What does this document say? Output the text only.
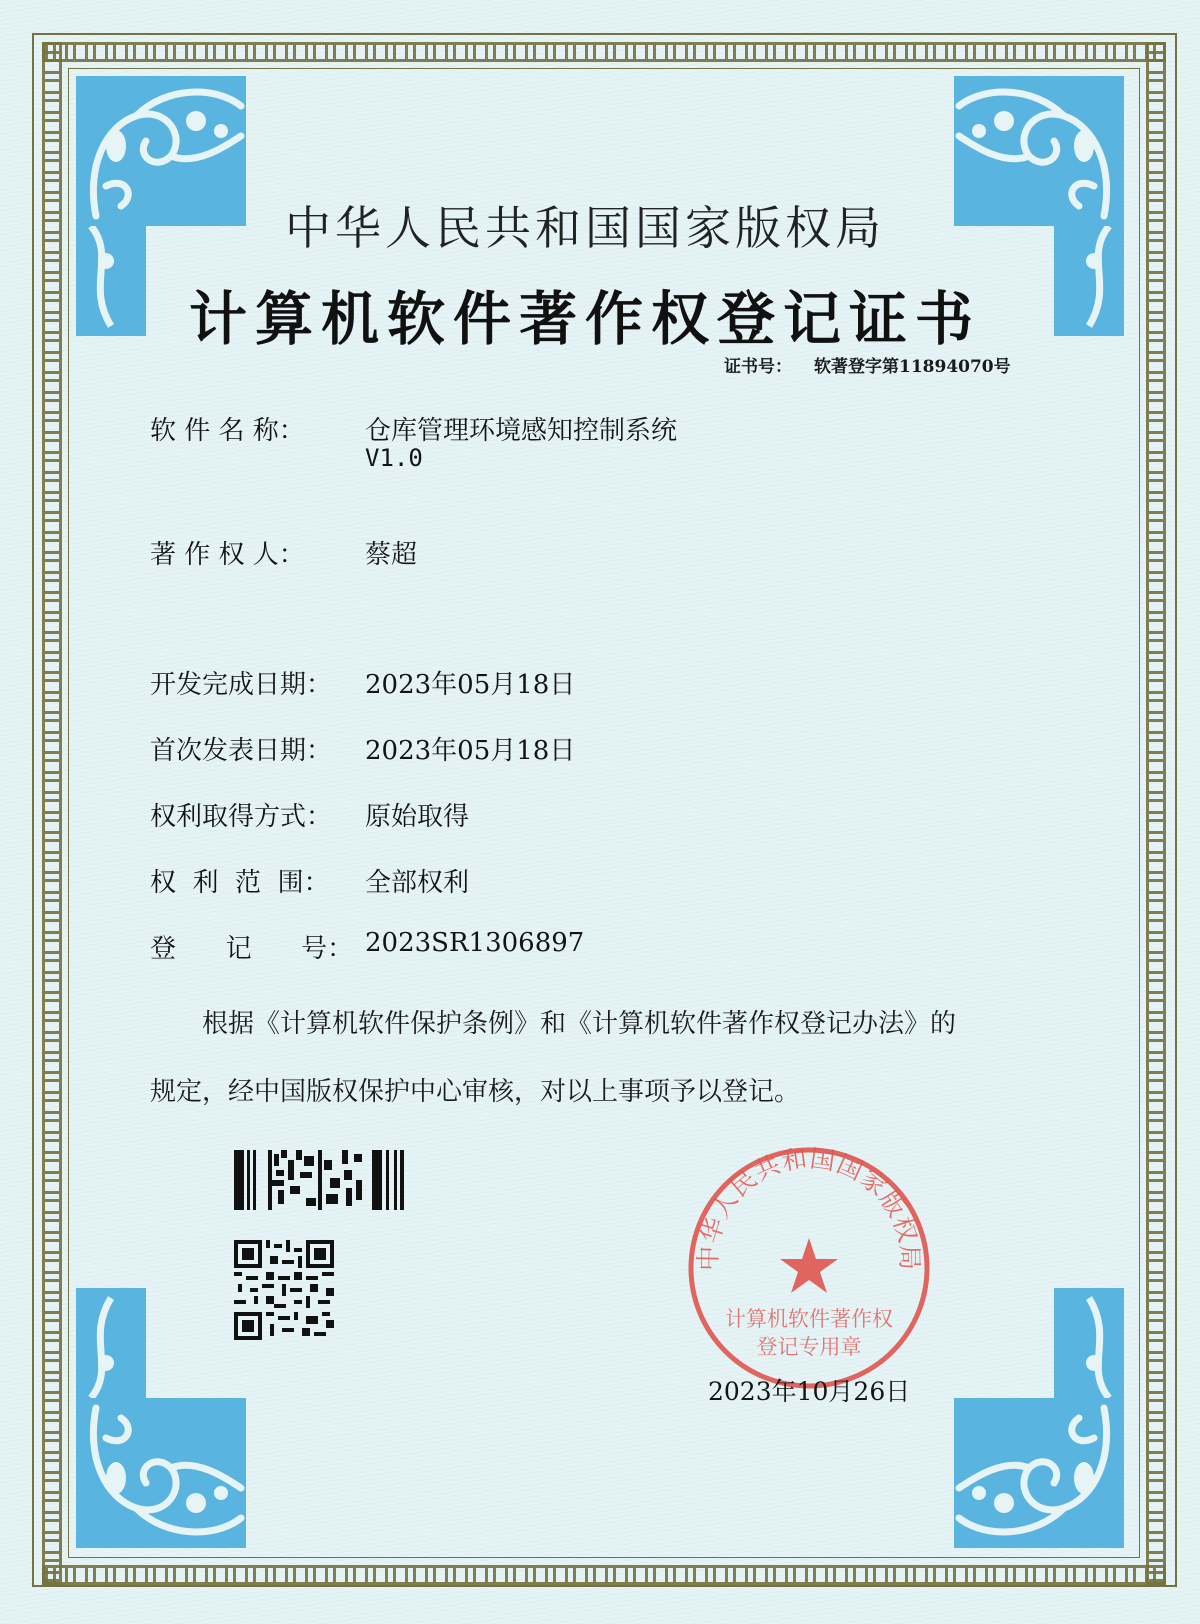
中华人民共和国国家版权局
计算机软件著作权登记证书
证书号： 软著登字第11894070号
软 件 名 称： 仓库管理环境感知控制系统
V1.0
著 作 权 人： 蔡超
开发完成日期： 2023年05月18日
首次发表日期： 2023年05月18日
权利取得方式： 原始取得
权  利  范  围： 全部权利
登      记      号： 2023SR1306897
根据《计算机软件保护条例》和《计算机软件著作权登记办法》的
规定，经中国版权保护中心审核，对以上事项予以登记。
中华人民共和国国家版权局
计算机软件著作权
登记专用章
2023年10月26日
